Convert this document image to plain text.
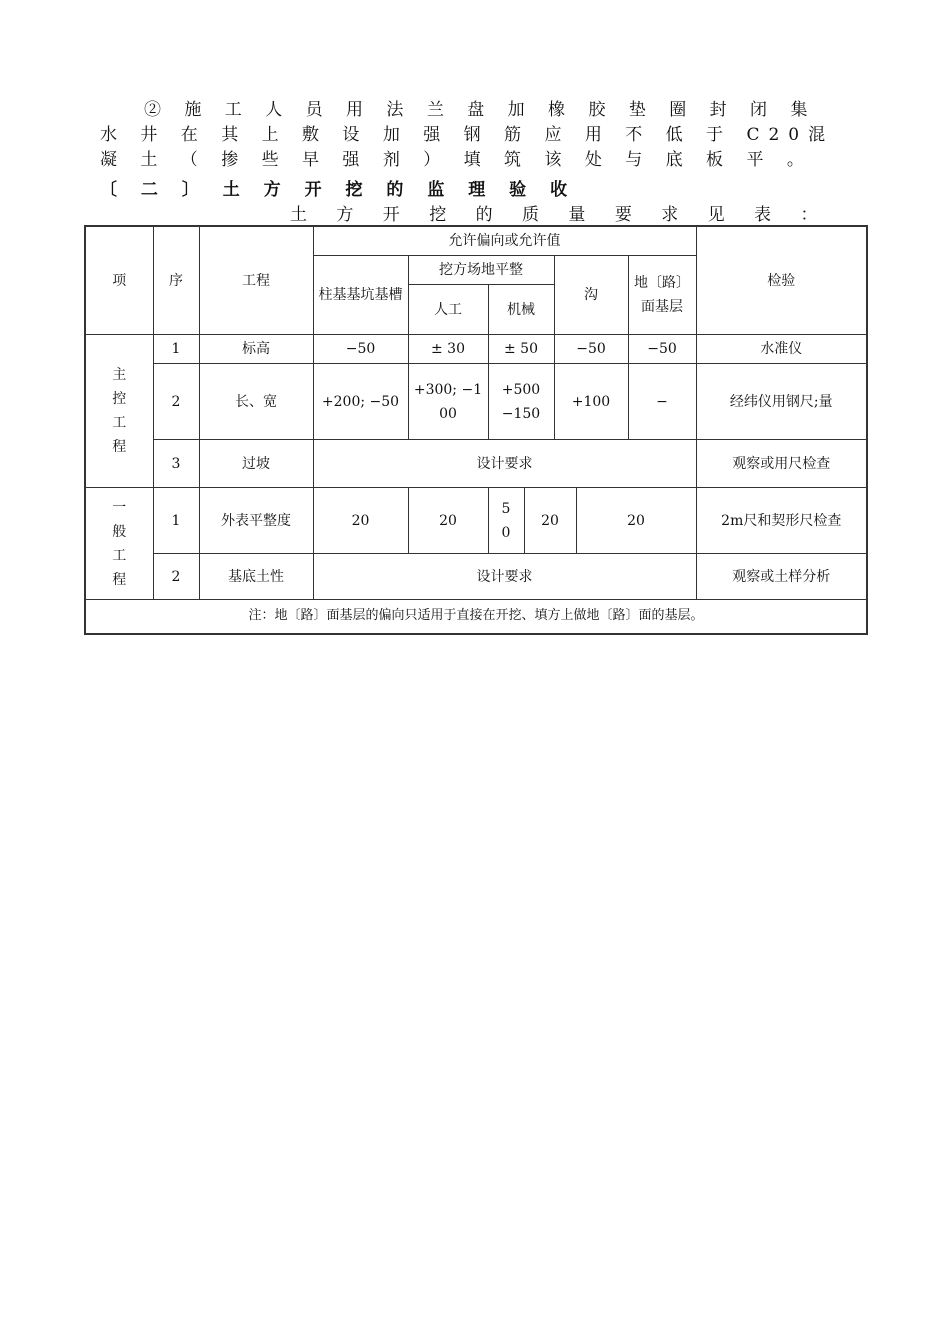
② 施 工 人 员 用 法 兰 盘 加 橡 胶 垫 圈 封 闭 集 水 井 在 其 上 敷 设 加 强 钢 筋 应 用 不 低 于 C20混 凝 土 （ 掺 些 早 强 剂 ） 填 筑 该 处 与 底 板 平 。

〔 二 〕 土 方 开 挖 的 监 理 验 收

土 方 开 挖 的 质 量 要 求 见 表 ：

项	序	工程	允许偏向或允许值							检验
			柱基基坑基槽	挖方场地平整			沟		地〔路〕面基层	
				人工	机械					
主控工程	1	标高	−50	± 30	± 50		−50		−50	水准仪
	2	长、宽	+200; −50	+300; −100	+500 −150		+100		−	经纬仪用钢尺;量
	3	过坡	设计要求							观察或用尺检查
一般工程	1	外表平整度	20	20	50	20		20		2m尺和契形尺检查
	2	基底土性	设计要求							观察或土样分析
注：地〔路〕面基层的偏向只适用于直接在开挖、填方上做地〔路〕面的基层。										
